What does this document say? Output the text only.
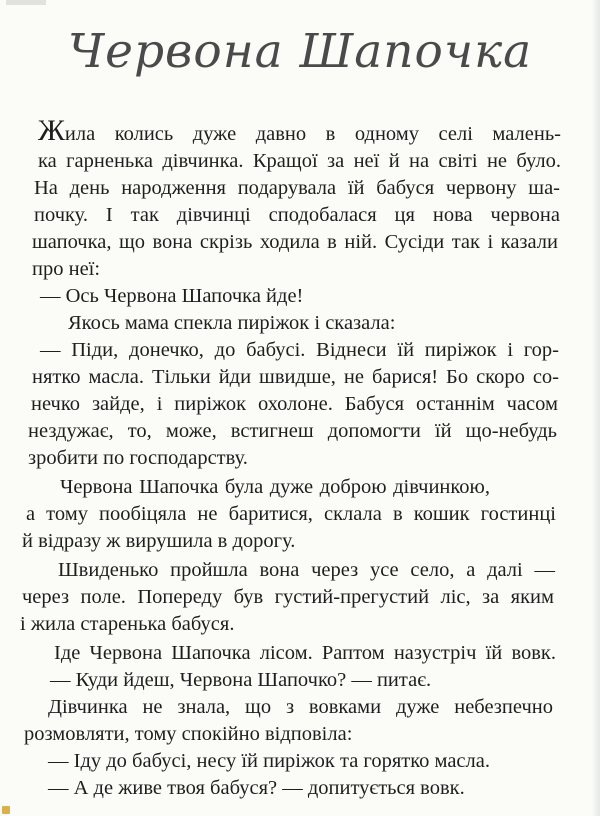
Червона Шапочка
Жила колись дуже давно в одному селі малень-
ка гарненька дівчинка. Кращої за неї й на світі не було.
На день народження подарувала їй бабуся червону ша-
почку. І так дівчинці сподобалася ця нова червона
шапочка, що вона скрізь ходила в ній. Сусіди так і казали
про неї:
— Ось Червона Шапочка йде!
Якось мама спекла пиріжок і сказала:
— Піди, донечко, до бабусі. Віднеси їй пиріжок і гор-
нятко масла. Тільки йди швидше, не барися! Бо скоро со-
нечко зайде, і пиріжок охолоне. Бабуся останнім часом
нездужає, то, може, встигнеш допомогти їй що-небудь
зробити по господарству.
Червона Шапочка була дуже доброю дівчинкою,
а тому пообіцяла не баритися, склала в кошик гостинці
й відразу ж вирушила в дорогу.
Швиденько пройшла вона через усе село, а далі —
через поле. Попереду був густий-прегустий ліс, за яким
і жила старенька бабуся.
Іде Червона Шапочка лісом. Раптом назустріч їй вовк.
— Куди йдеш, Червона Шапочко? — питає.
Дівчинка не знала, що з вовками дуже небезпечно
розмовляти, тому спокійно відповіла:
— Іду до бабусі, несу їй пиріжок та горятко масла.
— А де живе твоя бабуся? — допитується вовк.
